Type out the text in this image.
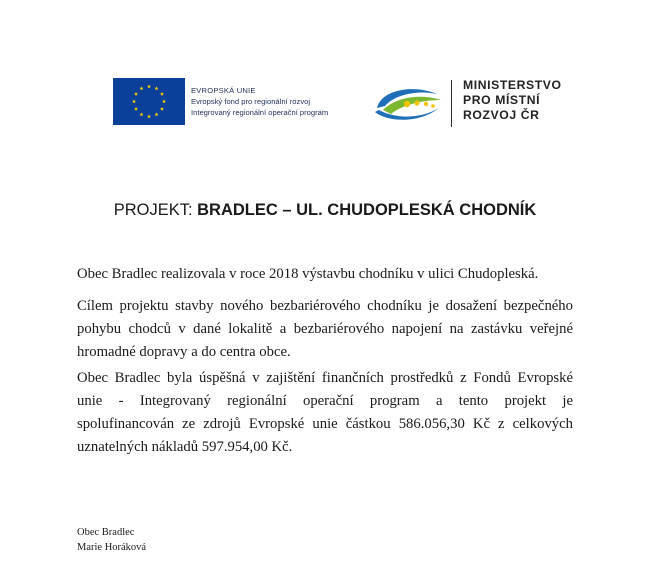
EVROPSKÁ UNIE
Evropský fond pro regionální rozvoj
Integrovaný regionální operační program
MINISTERSTVO
PRO MÍSTNÍ
ROZVOJ ČR
PROJEKT: BRADLEC – UL. CHUDOPLESKÁ CHODNÍK
Obec Bradlec realizovala v roce 2018 výstavbu chodníku v ulici Chudopleská.
Cílem projektu stavby nového bezbariérového chodníku je dosažení bezpečného
pohybu chodců v dané lokalitě a bezbariérového napojení na zastávku veřejné
hromadné dopravy a do centra obce.
Obec Bradlec byla úspěšná v zajištění finančních prostředků z Fondů Evropské
unie - Integrovaný regionální operační program a tento projekt je
spolufinancován ze zdrojů Evropské unie částkou 586.056,30 Kč z celkových
uznatelných nákladů 597.954,00 Kč.
Obec Bradlec
Marie Horáková
